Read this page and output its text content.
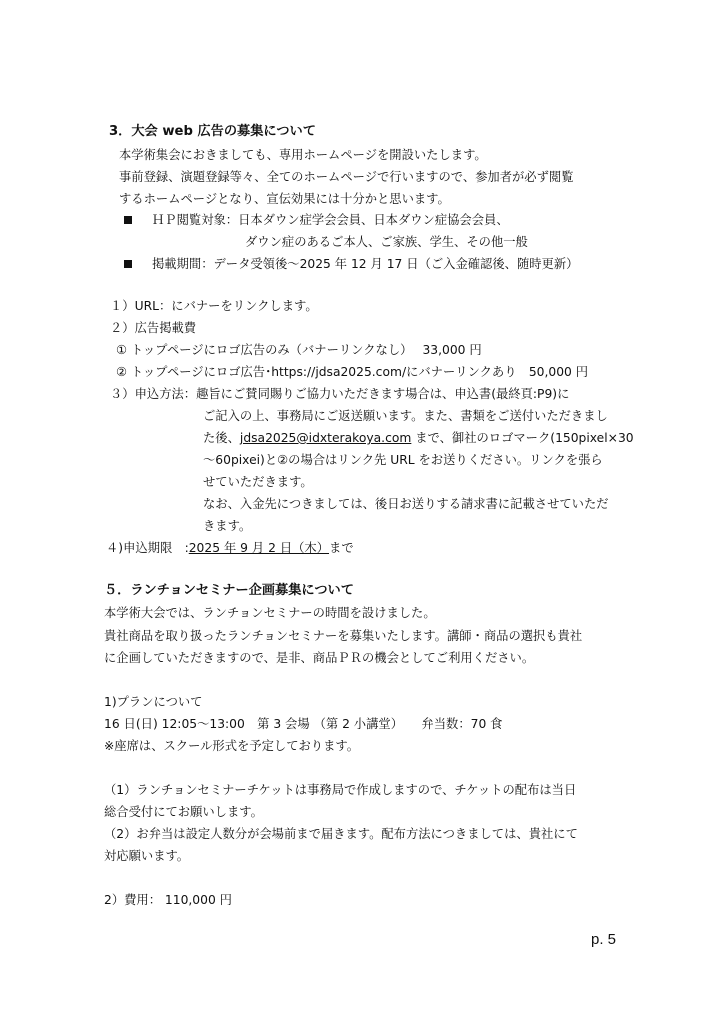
3．大会 web 広告の募集について
本学術集会におきましても、専用ホームページを開設いたします。
事前登録、演題登録等々、全てのホームページで行いますので、参加者が必ず閲覧
するホームページとなり、宣伝効果には十分かと思います。
ＨＰ閲覧対象：日本ダウン症学会会員、日本ダウン症協会会員、
ダウン症のあるご本人、ご家族、学生、その他一般
掲載期間：データ受領後～2025 年 12 月 17 日（ご入金確認後、随時更新）
１）URL：にバナーをリンクします。
２）広告掲載費
① トップページにロゴ広告のみ（バナーリンクなし）　 33,000 円
② トップページにロゴ広告･https://jdsa2025.com/にバナーリンクあり　50,000 円
３）申込方法：趣旨にご賛同賜りご協力いただきます場合は、申込書(最終頁:P9)に
ご記入の上、事務局にご返送願います。また、書類をご送付いただきまし
た後、jdsa2025@idxterakoya.com まで、御社のロゴマーク(150pixel×30
～60pixei)と②の場合はリンク先 URL をお送りください。リンクを張ら
せていただきます。
なお、入金先につきましては、後日お送りする請求書に記載させていただ
きます。
４)申込期限　:2025 年 9 月 2 日（木）まで
５．ランチョンセミナー企画募集について
本学術大会では、ランチョンセミナーの時間を設けました。
貴社商品を取り扱ったランチョンセミナーを募集いたします。講師・商品の選択も貴社
に企画していただきますので、是非、商品ＰＲの機会としてご利用ください。
1)プランについて
16 日(日) 12:05～13:00　第 3 会場 （第 2 小講堂）　　弁当数：70 食
※座席は、スクール形式を予定しております。
（1）ランチョンセミナーチケットは事務局で作成しますので、チケットの配布は当日
総合受付にてお願いします。
（2）お弁当は設定人数分が会場前まで届きます。配布方法につきましては、貴社にて
対応願います。
2）費用： 110,000 円
p. 5
